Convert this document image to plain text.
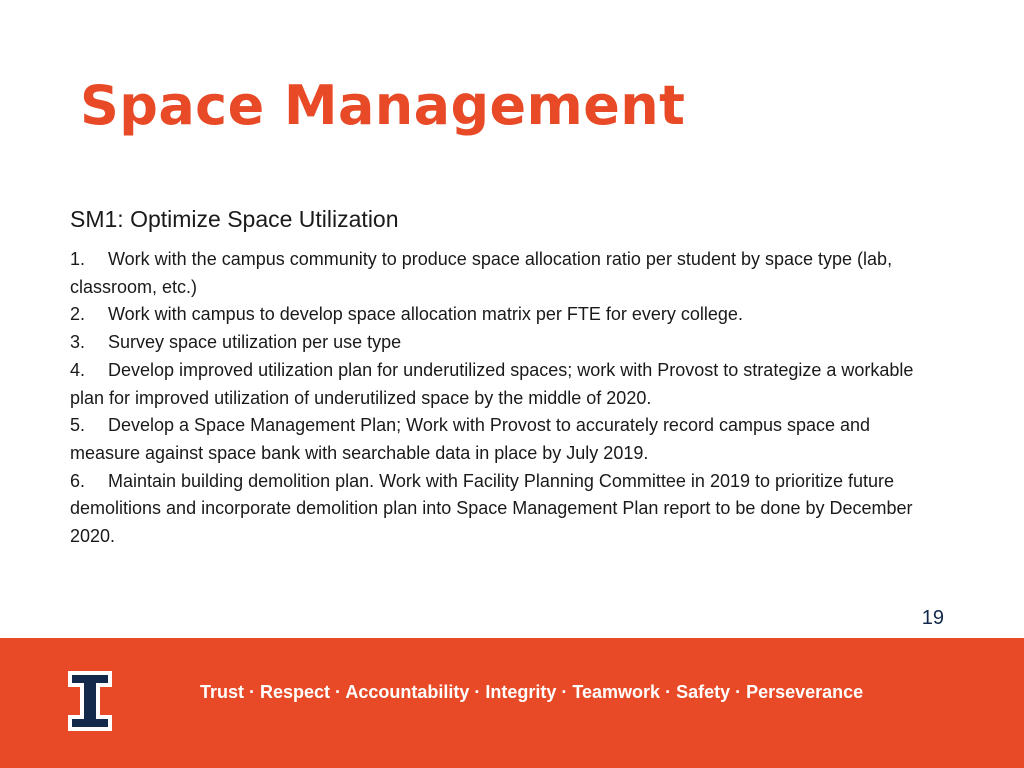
Space Management
SM1: Optimize Space Utilization
1. Work with the campus community to produce space allocation ratio per student by space type (lab, classroom, etc.)
2. Work with campus to develop space allocation matrix per FTE for every college.
3. Survey space utilization per use type
4. Develop improved utilization plan for underutilized spaces; work with Provost to strategize a workable plan for improved utilization of underutilized space by the middle of 2020.
5. Develop a Space Management Plan; Work with Provost to accurately record campus space and measure against space bank with searchable data in place by July 2019.
6. Maintain building demolition plan. Work with Facility Planning Committee in 2019 to prioritize future demolitions and incorporate demolition plan into Space Management Plan report to be done by December 2020.
19
Trust · Respect · Accountability · Integrity · Teamwork · Safety · Perseverance
